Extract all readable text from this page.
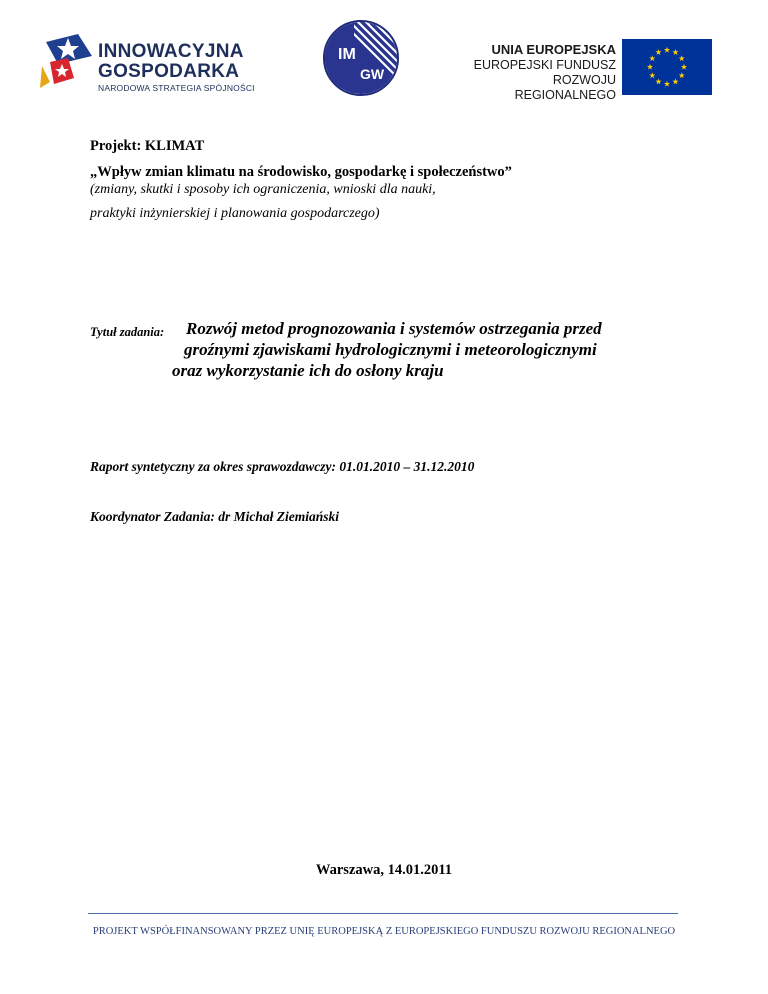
INNOWACYJNA
GOSPODARKA
NARODOWA STRATEGIA SPÓJNOŚCI
IM
GW
UNIA EUROPEJSKA
EUROPEJSKI FUNDUSZ
ROZWOJU REGIONALNEGO
Projekt: KLIMAT
„Wpływ zmian klimatu na środowisko, gospodarkę i społeczeństwo”
(zmiany, skutki i sposoby ich ograniczenia, wnioski dla nauki,
praktyki inżynierskiej i planowania gospodarczego)
Tytuł zadania:	Rozwój metod prognozowania i systemów ostrzegania przed
groźnymi zjawiskami hydrologicznymi i meteorologicznymi
oraz wykorzystanie ich do osłony kraju
Raport syntetyczny za okres sprawozdawczy: 01.01.2010 – 31.12.2010
Koordynator Zadania: dr Michał Ziemiański
Warszawa, 14.01.2011
PROJEKT WSPÓŁFINANSOWANY PRZEZ UNIĘ EUROPEJSKĄ Z EUROPEJSKIEGO FUNDUSZU ROZWOJU REGIONALNEGO
